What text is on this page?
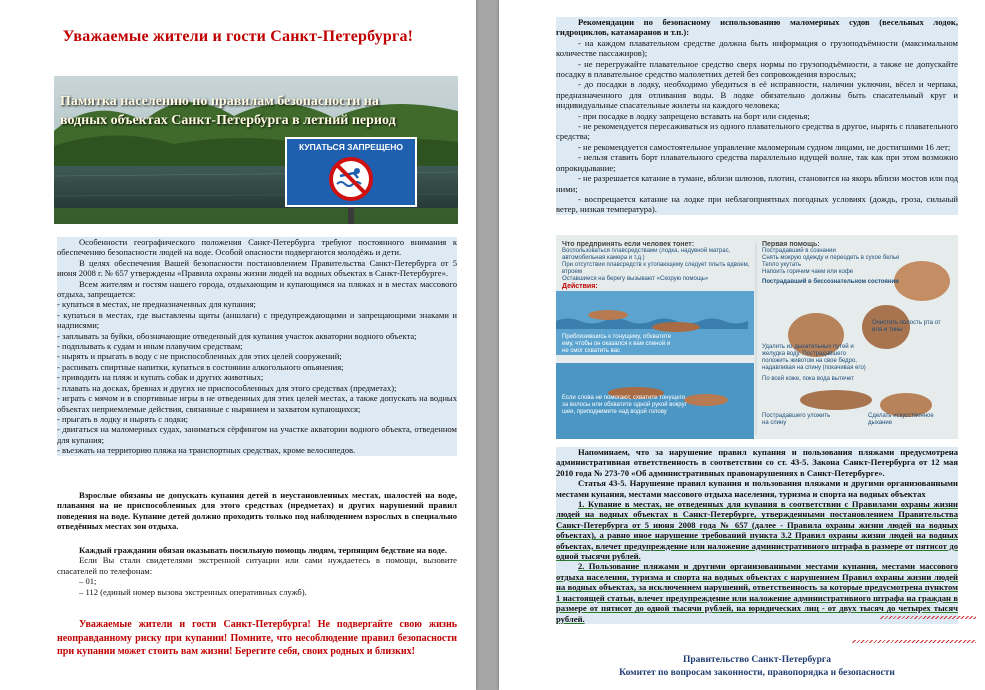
Уважаемые жители и гости Санкт-Петербурга!
КУПАТЬСЯ ЗАПРЕЩЕНО
Памятка населению по правилам безопасности на водных объектах Санкт-Петербурга в летний период

Особенности географического положения Санкт-Петербурга требуют постоянного внимания к обеспечению безопасности людей на воде. Особой опасности подвергаются молодёжь и дети.

В целях обеспечения Вашей безопасности постановлением Правительства Санкт-Петербурга от 5 июня 2008 г. № 657 утверждены «Правила охраны жизни людей на водных объектах в Санкт-Петербурге».

Всем жителям и гостям нашего города, отдыхающим и купающимся на пляжах и в местах массового отдыха, запрещается:

- купаться в местах, не предназначенных для купания;

- купаться в местах, где выставлены щиты (аншлаги) с предупреждающими и запрещающими знаками и надписями;

- заплывать за буйки, обозначающие отведенный для купания участок акватории водного объекта;

- подплывать к судам и иным плавучим средствам;

- нырять и прыгать в воду с не приспособленных для этих целей сооружений;

- распивать спиртные напитки, купаться в состоянии алкогольного опьянения;

- приводить на пляж и купать собак и других животных;

- плавать на досках, бревнах и других не приспособленных для этого средствах (предметах);

- играть с мячом и в спортивные игры в не отведенных для этих целей местах, а также допускать на водных объектах неприемлемые действия, связанные с нырянием и захватом купающихся;

- прыгать в лодку и нырять с лодки;

- двигаться на маломерных судах, заниматься сёрфингом на участке акватории водного объекта, отведенном для купания;

- въезжать на территорию пляжа на транспортных средствах, кроме велосипедов.

Взрослые обязаны не допускать купания детей в неустановленных местах, шалостей на воде, плавания на не приспособленных для этого средствах (предметах) и других нарушений правил поведения на воде. Купание детей должно проходить только под наблюдением взрослых в специально отведённых местах зон отдыха.

Каждый гражданин обязан оказывать посильную помощь людям, терпящим бедствие на воде.

Если Вы стали свидетелями экстренной ситуации или сами нуждаетесь в помощи, вызовите спасателей по телефонам:

– 01;

– 112 (единый номер вызова экстренных оперативных служб).

Уважаемые жители и гости Санкт-Петербурга! Не подвергайте свою жизнь неоправданному риску при купании! Помните, что несоблюдение правил безопасности при купании может стоить вам жизни! Берегите себя, своих родных и близких!

Рекомендации по безопасному использованию маломерных судов (весельных лодок, гидроциклов, катамаранов и т.п.):

- на каждом плавательном средстве должна быть информация о грузоподъёмности (максимальном количестве пассажиров);

- не перегружайте плавательное средство сверх нормы по грузоподъёмности, а также не допускайте посадку в плавательное средство малолетних детей без сопровождения взрослых;

- до посадки в лодку, необходимо убедиться в её исправности, наличии уключин, вёсел и черпака, предназначенного для отливания воды. В лодке обязательно должны быть спасательный круг и индивидуальные спасательные жилеты на каждого человека;

- при посадке в лодку запрещено вставать на борт или сиденья;

- не рекомендуется пересаживаться из одного плавательного средства в другое, нырять с плавательного средства;

- не рекомендуется самостоятельное управление маломерным судном лицами, не достигшими 16 лет;

- нельзя ставить борт плавательного средства параллельно идущей волне, так как при этом возможно опрокидывание;

- не разрешается катание в тумане, вблизи шлюзов, плотин, становится на якорь вблизи мостов или под ними;

- воспрещается катание на лодке при неблагоприятных погодных условиях (дождь, гроза, сильный ветер, низкая температура).

Что предпринять если человек тонет:
Воспользоваться плавсредствами (лодка, надувной матрас, автомобильная камера и т.д.)
При отсутствии плавсредств к утопающему следует плыть вдвоем, втроем
Оставшиеся на берегу вызывают «Скорую помощь»
Действия:
Приблизившись к тонущему, обхватите ему, чтобы он оказался к вам спиной и не смог схватить вас
Если слова не помогают, схватите тонущего за волосы или обхватите одной рукой вокруг шеи, приподнимите над водой голову
Первая помощь:
Пострадавший в сознании
Снять мокрую одежду и переодеть в сухое белье
Тепло укутать
Напоить горячим чаем или кофе
Пострадавший в бессознательном состоянии
Очистить полость рта от ила и тины
Удалить из дыхательных путей и желудка воду. Пострадавшего положить животом на свое бедро, надавливая на спину (покачивая его)
По всей коже, пока вода вытечет
Пострадавшего уложить на спину
Сделать искусственное дыхание

Напоминаем, что за нарушение правил купания и пользования пляжами предусмотрена административная ответственность в соответствии со ст. 43-5. Закона Санкт-Петербурга от 12 мая 2010 года № 273-70 «Об административных правонарушениях в Санкт-Петербурге».

Статья 43-5. Нарушение правил купания и пользования пляжами и другими организованными местами купания, местами массового отдыха населения, туризма и спорта на водных объектах

1. Купание в местах, не отведенных для купания в соответствии с Правилами охраны жизни людей на водных объектах в Санкт-Петербурге, утвержденными постановлением Правительства Санкт-Петербурга от 5 июня 2008 года № 657 (далее - Правила охраны жизни людей на водных объектах), а равно иное нарушение требований пункта 3.2 Правил охраны жизни людей на водных объектах, влечет предупреждение или наложение административного штрафа в размере от пятисот до одной тысячи рублей.

2. Пользование пляжами и другими организованными местами купания, местами массового отдыха населения, туризма и спорта на водных объектах с нарушением Правил охраны жизни людей на водных объектах, за исключением нарушений, ответственность за которые предусмотрена пунктом 1 настоящей статьи, влечет предупреждение или наложение административного штрафа на граждан в размере от пятисот до одной тысячи рублей, на юридических лиц - от двух тысяч до четырех тысяч рублей.

Правительство Санкт-Петербурга
Комитет по вопросам законности, правопорядка и безопасности
